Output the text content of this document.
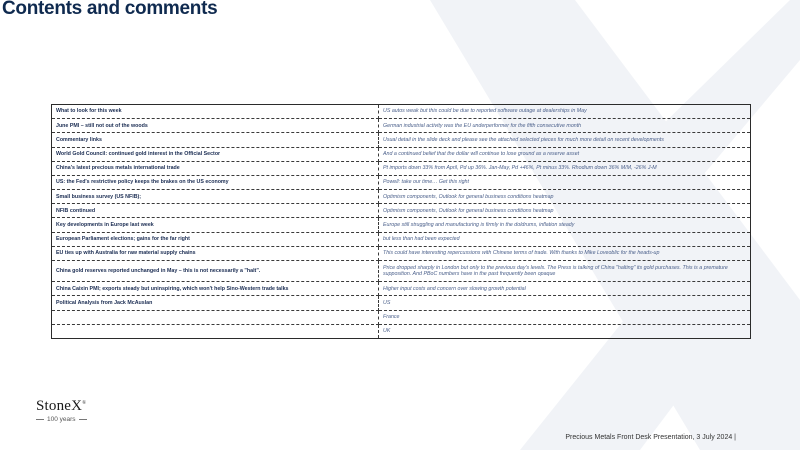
Contents and comments
What to look for this week	US autos weak but this could be due to reported software outage at dealerships in May
June PMI – still not out of the woods	German industrial activity was the EU underperformer for the fifth consecutive month
Commentary links	Usual detail in the slide deck and please see the attached selected pieces for much more detail on recent developments
World Gold Council: continued gold interest in the Official Sector	And a continued belief that the dollar will continue to lose ground as a reserve asset
China's latest precious metals international trade	Pt imports down 33% from April, Pd up 36%. Jan-May, Pd +46%, Pt minus 33%. Rhodium down 36% M/M, -26% J-M
US: the Fed's restrictive policy keeps the brakes on the US economy	Powell: take our time… Get this right
Small business survey (US NFIB);	Optimism components, Outlook for general business conditions heatmap
NFIB continued	Optimism components, Outlook for general business conditions heatmap
Key developments in Europe last week	Europe still struggling and manufacturing is firmly in the doldrums, inflation steady
European Parliament elections; gains for the far right	but less than had been expected
EU ties up with Australia for raw material supply chains	This could have interesting repercussions with Chinese terms of trade. With thanks to Mike Loveoblic for the heads-up
China gold reserves reported unchanged in May – this is not necessarily a "halt".	Price dropped sharply in London but only to the previous day's levels. The Press is talking of China "halting" its gold purchases. This is a premature supposition. And PBoC numbers have in the past frequently been opaque
China Caixin PMI; exports steady but uninspiring, which won't help Sino-Western trade talks	Higher input costs and concern over slowing growth potential
Political Analysis from Jack McAuslan	US
	France
	UK
StoneX®
100 years
Precious Metals Front Desk Presentation, 3 July 2024 |
